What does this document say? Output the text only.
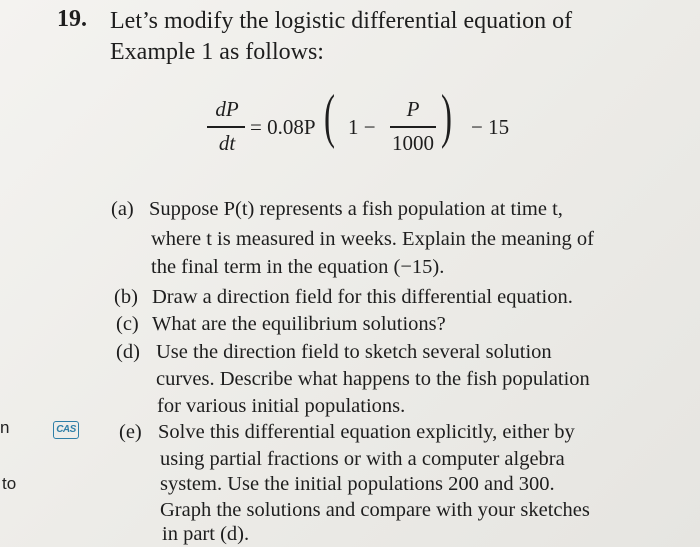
19. Let’s modify the logistic differential equation of
Example 1 as follows:
dP
dt
= 0.08P ( 1 −
P
1000 ) − 15
n
to
CAS
(a) Suppose P(t) represents a fish population at time t,
where t is measured in weeks. Explain the meaning of
the final term in the equation (−15).
(b) Draw a direction field for this differential equation.
(c) What are the equilibrium solutions?
(d) Use the direction field to sketch several solution
curves. Describe what happens to the fish population
for various initial populations.
(e) Solve this differential equation explicitly, either by
using partial fractions or with a computer algebra
system. Use the initial populations 200 and 300.
Graph the solutions and compare with your sketches
in part (d).
